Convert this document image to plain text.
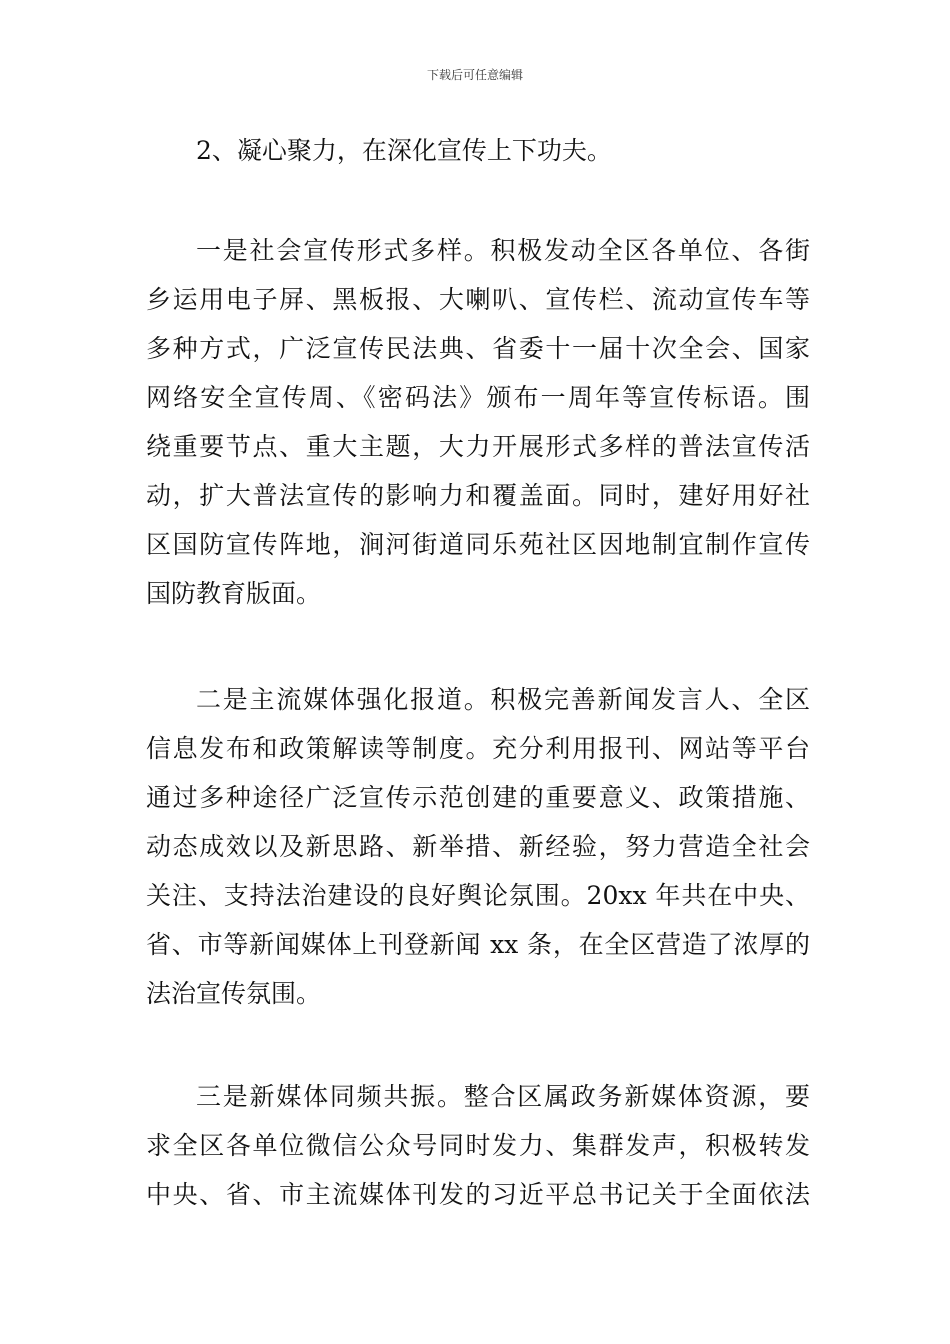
下载后可任意编辑
2、凝心聚力，在深化宣传上下功夫。
一是社会宣传形式多样。积极发动全区各单位、各街
乡运用电子屏、黑板报、大喇叭、宣传栏、流动宣传车等
多种方式，广泛宣传民法典、省委十一届十次全会、国家
网络安全宣传周、《密码法》颁布一周年等宣传标语。围
绕重要节点、重大主题，大力开展形式多样的普法宣传活
动，扩大普法宣传的影响力和覆盖面。同时，建好用好社
区国防宣传阵地，涧河街道同乐苑社区因地制宜制作宣传
国防教育版面。
二是主流媒体强化报道。积极完善新闻发言人、全区
信息发布和政策解读等制度。充分利用报刊、网站等平台
通过多种途径广泛宣传示范创建的重要意义、政策措施、
动态成效以及新思路、新举措、新经验，努力营造全社会
关注、支持法治建设的良好舆论氛围。20xx 年共在中央、
省、市等新闻媒体上刊登新闻 xx 条，在全区营造了浓厚的
法治宣传氛围。
三是新媒体同频共振。整合区属政务新媒体资源，要
求全区各单位微信公众号同时发力、集群发声，积极转发
中央、省、市主流媒体刊发的习近平总书记关于全面依法
